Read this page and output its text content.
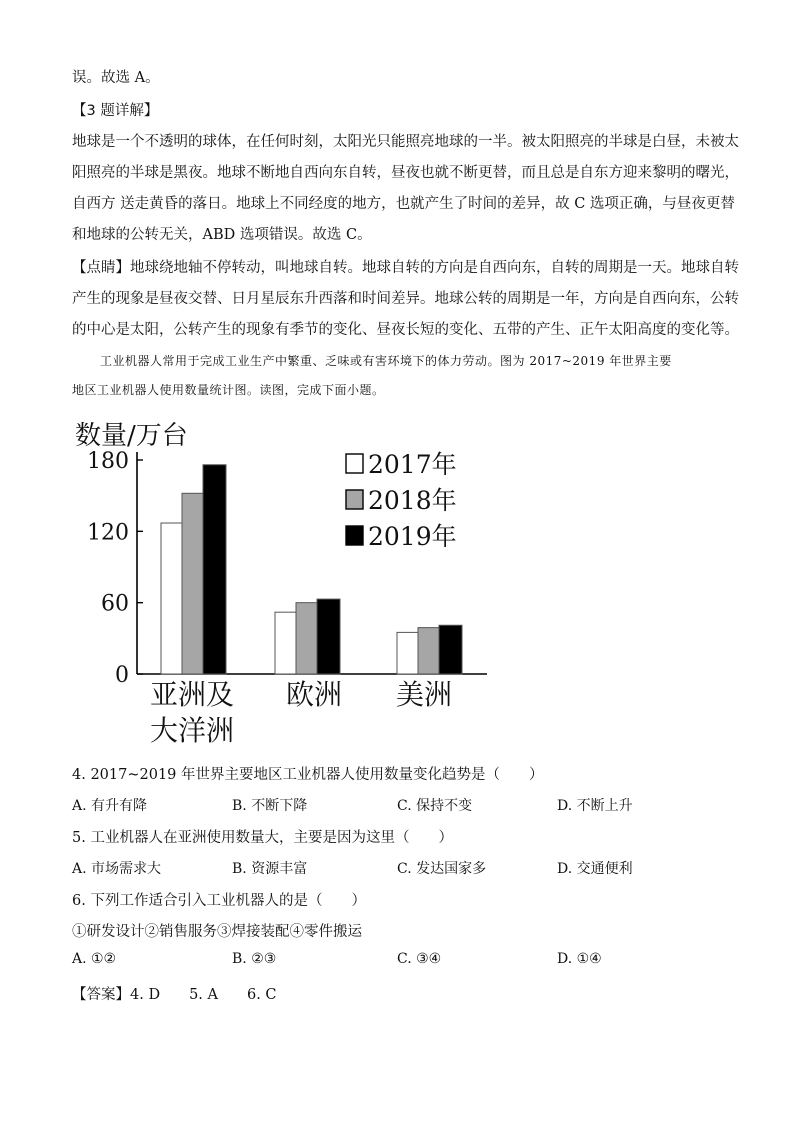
误。故选 A。
【3 题详解】
地球是一个不透明的球体，在任何时刻，太阳光只能照亮地球的一半。被太阳照亮的半球是白昼，未被太
阳照亮的半球是黑夜。地球不断地自西向东自转，昼夜也就不断更替，而且总是自东方迎来黎明的曙光，
自西方 送走黄昏的落日。地球上不同经度的地方，也就产生了时间的差异，故 C 选项正确，与昼夜更替
和地球的公转无关，ABD 选项错误。故选 C。
【点睛】地球绕地轴不停转动，叫地球自转。地球自转的方向是自西向东，自转的周期是一天。地球自转
产生的现象是昼夜交替、日月星辰东升西落和时间差异。地球公转的周期是一年，方向是自西向东，公转
的中心是太阳，公转产生的现象有季节的变化、昼夜长短的变化、五带的产生、正午太阳高度的变化等。
工业机器人常用于完成工业生产中繁重、乏味或有害环境下的体力劳动。图为 2017~2019 年世界主要
地区工业机器人使用数量统计图。读图，完成下面小题。
数量/万台
0
60
120
180
亚洲及
大洋洲
欧洲 美洲
2017年
2018年
2019年
4. 2017~2019 年世界主要地区工业机器人使用数量变化趋势是（　　）
A. 有升有降	B. 不断下降	C. 保持不变	D. 不断上升
5. 工业机器人在亚洲使用数量大，主要是因为这里（　　）
A. 市场需求大	B. 资源丰富	C. 发达国家多	D. 交通便利
6. 下列工作适合引入工业机器人的是（　　）
①研发设计②销售服务③焊接装配④零件搬运
A. ①②	B. ②③	C. ③④	D. ①④
【答案】4. D　　5. A　　6. C
